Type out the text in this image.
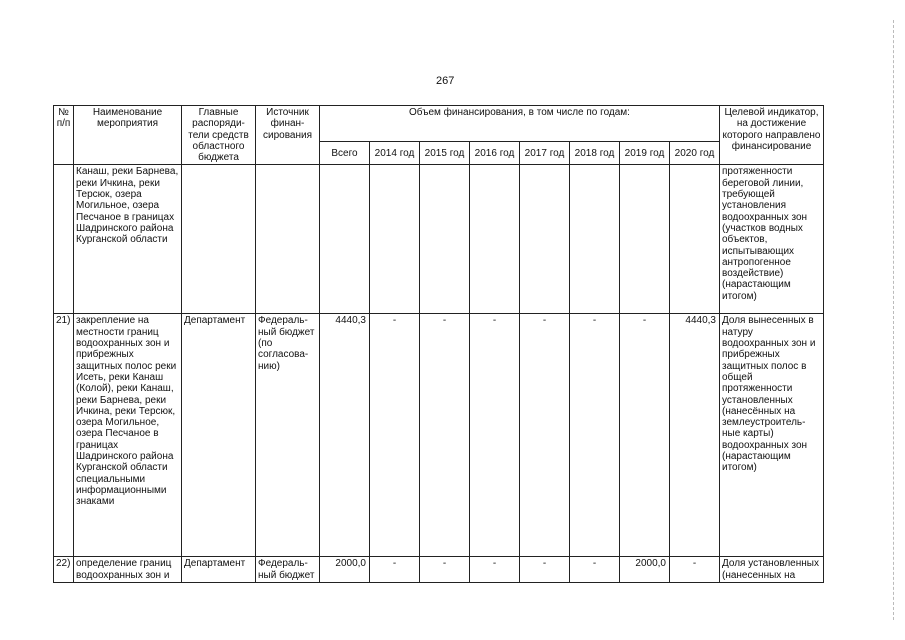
267
№ п/п	Наименование мероприятия	Главные распоряди-тели средств областного бюджета	Источник финан-сирования	Объем финансирования, в том числе по годам:								Целевой индикатор, на достижение которого направлено финансирование
				Всего	2014 год	2015 год	2016 год	2017 год	2018 год	2019 год	2020 год	
	Канаш, реки Барнева, реки Ичкина, реки Терсюк, озера Могильное, озера Песчаное в границах Шадринского района Курганской области											протяженности береговой линии, требующей установления водоохранных зон (участков водных объектов, испытывающих антропогенное воздействие) (нарастающим итогом)
21)	закрепление на местности границ водоохранных зон и прибрежных защитных полос реки Исеть, реки Канаш (Колой), реки Канаш, реки Барнева, реки Ичкина, реки Терсюк, озера Могильное, озера Песчаное в границах Шадринского района Курганской области специальными информационными знаками	Департамент	Федераль-ный бюджет (по согласова-нию)	4440,3	-	-	-	-	-	-	4440,3	Доля вынесенных в натуру водоохранных зон и прибрежных защитных полос в общей протяженности установленных (нанесённых на землеустроитель-ные карты) водоохранных зон (нарастающим итогом)
22)	определение границ водоохранных зон и	Департамент	Федераль-ный бюджет	2000,0	-	-	-	-	-	2000,0	-	Доля установленных (нанесенных на
